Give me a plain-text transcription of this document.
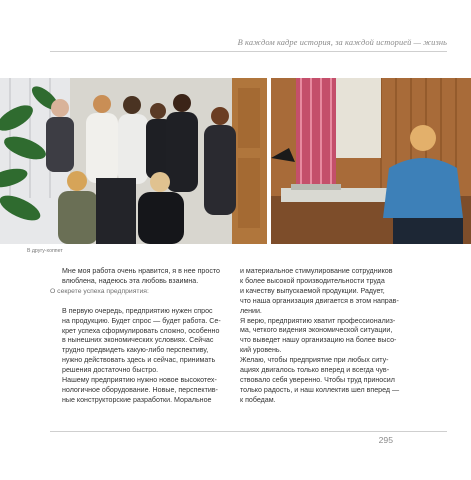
В каждом кадре история, за каждой историей — жизнь
В другу-хоппет

Мне моя работа очень нравится, я в нее просто
влюблена, надеюсь эта любовь взаимна.

О секрете успеха предприятия:

В первую очередь, предприятию нужен спрос
на продукцию. Будет спрос — будет работа. Се-
крет успеха сформулировать сложно, особенно
в нынешних экономических условиях. Сейчас
трудно предвидеть какую-либо перспективу,
нужно действовать здесь и сейчас, принимать
решения достаточно быстро.

Нашему предприятию нужно новое высокотех-
нологичное оборудование. Новые, перспектив-
ные конструкторские разработки. Моральное

и материальное стимулирование сотрудников
к более высокой производительности труда
и качеству выпускаемой продукции. Радует,
что наша организация двигается в этом направ-
лении.

Я верю, предприятию хватит профессионализ-
ма, четкого видения экономической ситуации,
что выведет нашу организацию на более высо-
кий уровень.

Желаю, чтобы предприятие при любых ситу-
ациях двигалось только вперед и всегда чув-
ствовало себя уверенно. Чтобы труд приносил
только радость, и наш коллектив шел вперед —
к победам.

295
